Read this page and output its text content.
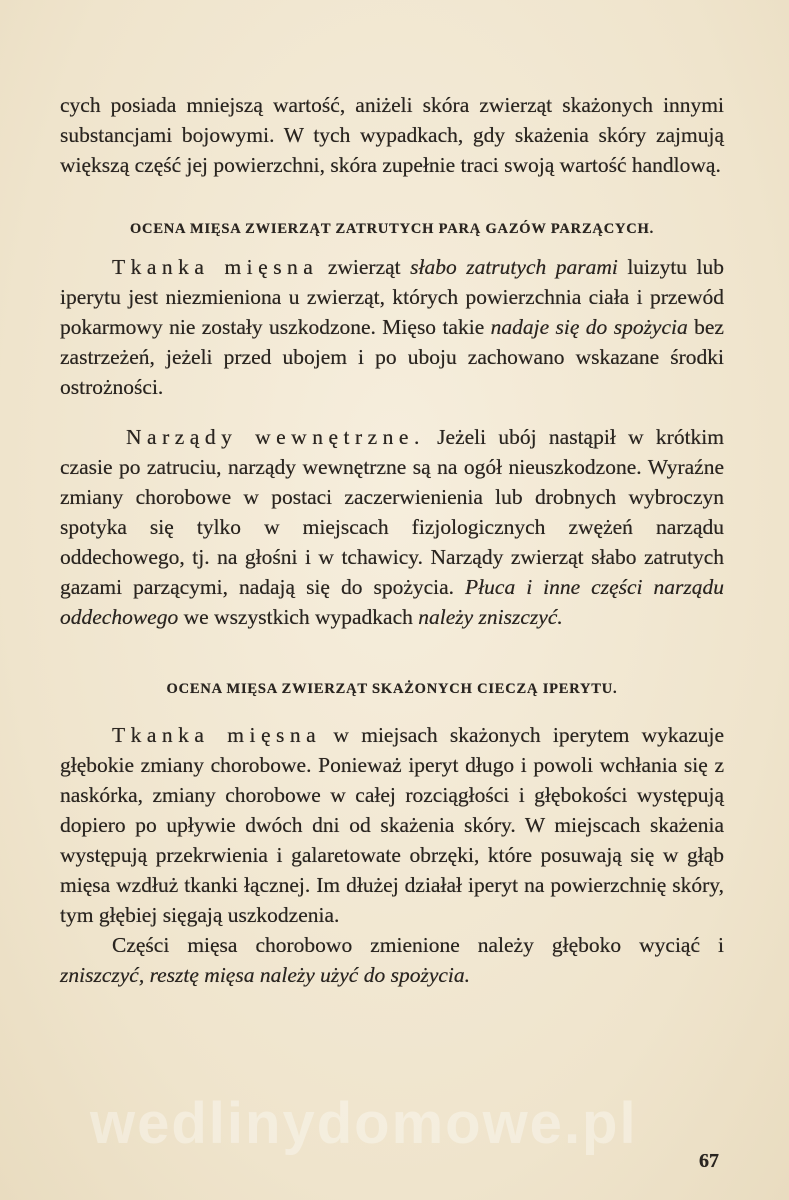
cych posiada mniejszą wartość, aniżeli skóra zwierząt skażonych innymi substancjami bojowymi. W tych wypadkach, gdy skażenia skóry zajmują większą część jej powierzchni, skóra zupełnie traci swoją wartość handlową.

OCENA MIĘSA ZWIERZĄT ZATRUTYCH PARĄ GAZÓW PARZĄCYCH.

Tkanka mięsna zwierząt słabo zatrutych parami luizytu lub iperytu jest niezmieniona u zwierząt, których powierzchnia ciała i przewód pokarmowy nie zostały uszkodzone. Mięso takie nadaje się do spożycia bez zastrzeżeń, jeżeli przed ubojem i po uboju zachowano wskazane środki ostrożności.

Narządy wewnętrzne. Jeżeli ubój nastąpił w krótkim czasie po zatruciu, narządy wewnętrzne są na ogół nieuszkodzone. Wyraźne zmiany chorobowe w postaci zaczerwienienia lub drobnych wybroczyn spotyka się tylko w miejscach fizjologicznych zwężeń narządu oddechowego, tj. na głośni i w tchawicy. Narządy zwierząt słabo zatrutych gazami parzącymi, nadają się do spożycia. Płuca i inne części narządu oddechowego we wszystkich wypadkach należy zniszczyć.

OCENA MIĘSA ZWIERZĄT SKAŻONYCH CIECZĄ IPERYTU.

Tkanka mięsna w miejsach skażonych iperytem wykazuje głębokie zmiany chorobowe. Ponieważ iperyt długo i powoli wchłania się z naskórka, zmiany chorobowe w całej rozciągłości i głębokości występują dopiero po upływie dwóch dni od skażenia skóry. W miejscach skażenia występują przekrwienia i galaretowate obrzęki, które posuwają się w głąb mięsa wzdłuż tkanki łącznej. Im dłużej działał iperyt na powierzchnię skóry, tym głębiej sięgają uszkodzenia.

Części mięsa chorobowo zmienione należy głęboko wyciąć i zniszczyć, resztę mięsa należy użyć do spożycia.

wedlinydomowe.pl
67
